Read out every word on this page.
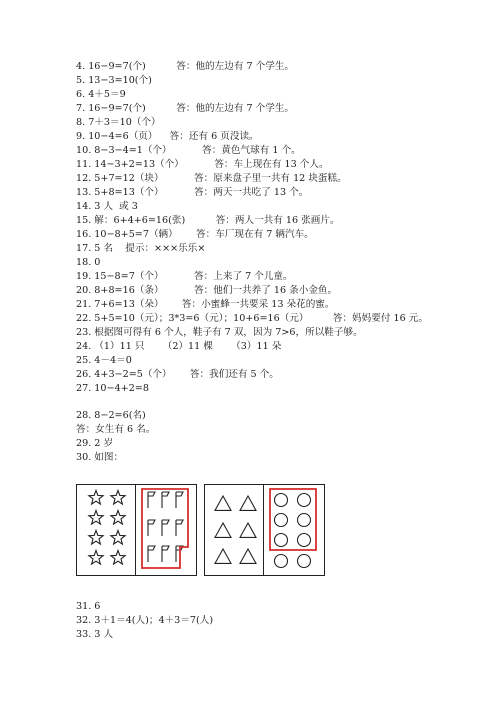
4. 16−9=7(个)          答：他的左边有 7 个学生。
5. 13−3=10(个)
6. 4＋5＝9
7. 16−9=7(个)          答：他的左边有 7 个学生。
8. 7＋3＝10（个）
9. 10−4=6（页）    答：还有 6 页没读。
10. 8−3−4=1（个）          答：黄色气球有 1 个。
11. 14−3+2=13（个）          答：车上现在有 13 个人。
12. 5+7=12（块）          答：原来盘子里一共有 12 块蛋糕。
13. 5+8=13（个）          答：两天一共吃了 13 个。
14. 3 人  或 3
15. 解：6+4+6=16(张)          答：两人一共有 16 张画片。
16. 10−8+5=7（辆）      答：车厂现在有 7 辆汽车。
17. 5 名    提示：×××乐乐×
18. 0
19. 15−8=7（个）          答：上来了 7 个儿童。
20. 8+8=16（条）          答：他们一共养了 16 条小金鱼。
21. 7+6=13（朵）      答：小蜜蜂一共要采 13 朵花的蜜。
22. 5+5=10（元）；3*3=6（元）；10+6=16（元）        答：妈妈要付 16 元。
23. 根据图可得有 6 个人，鞋子有 7 双，因为 7>6，所以鞋子够。
24. （1）11 只      （2）11 棵      （3）11 朵
25. 4－4＝0
26. 4+3−2=5（个）      答：我们还有 5 个。
27. 10−4+2=8
28. 8−2=6(名)
答：女生有 6 名。
29. 2 岁
30. 如图：
31. 6
32. 3＋1＝4(人)；4＋3＝7(人)
33. 3 人
